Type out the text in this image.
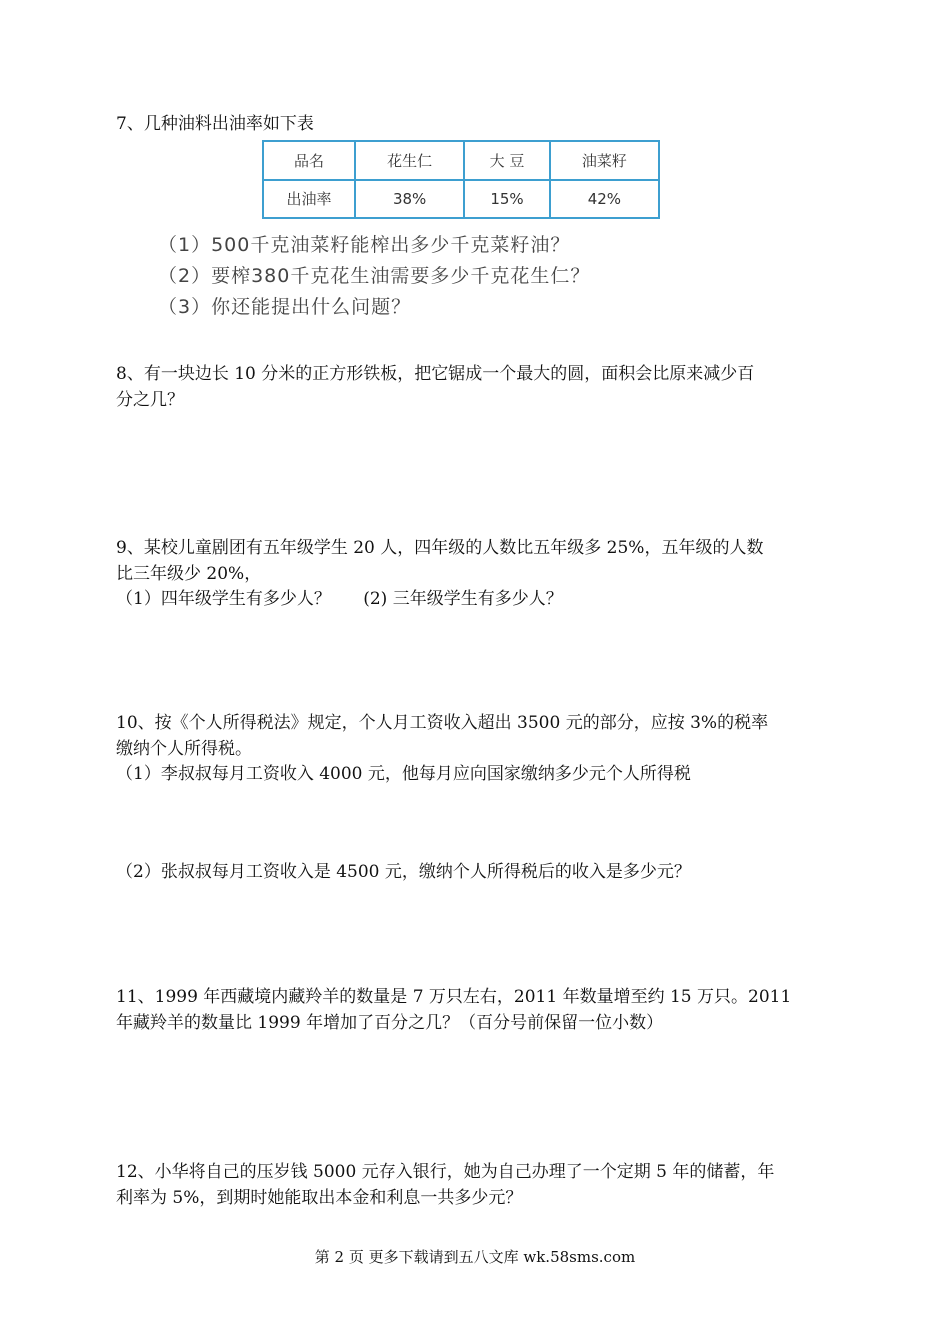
7、几种油料出油率如下表
品名	花生仁	大 豆	油菜籽
出油率	38%	15%	42%
（1）500千克油菜籽能榨出多少千克菜籽油？
（2）要榨380千克花生油需要多少千克花生仁？
（3）你还能提出什么问题？
8、有一块边长 10 分米的正方形铁板，把它锯成一个最大的圆，面积会比原来减少百
分之几？
9、某校儿童剧团有五年级学生 20 人，四年级的人数比五年级多 25%，五年级的人数
比三年级少 20%，
（1）四年级学生有多少人？      (2) 三年级学生有多少人？
10、按《个人所得税法》规定，个人月工资收入超出 3500 元的部分，应按 3%的税率
缴纳个人所得税。
（1）李叔叔每月工资收入 4000 元，他每月应向国家缴纳多少元个人所得税
（2）张叔叔每月工资收入是 4500 元，缴纳个人所得税后的收入是多少元？
11、1999 年西藏境内藏羚羊的数量是 7 万只左右，2011 年数量增至约 15 万只。2011
年藏羚羊的数量比 1999 年增加了百分之几？（百分号前保留一位小数）
12、小华将自己的压岁钱 5000 元存入银行，她为自己办理了一个定期 5 年的储蓄，年
利率为 5%，到期时她能取出本金和利息一共多少元？
第 2 页 更多下载请到五八文库 wk.58sms.com
